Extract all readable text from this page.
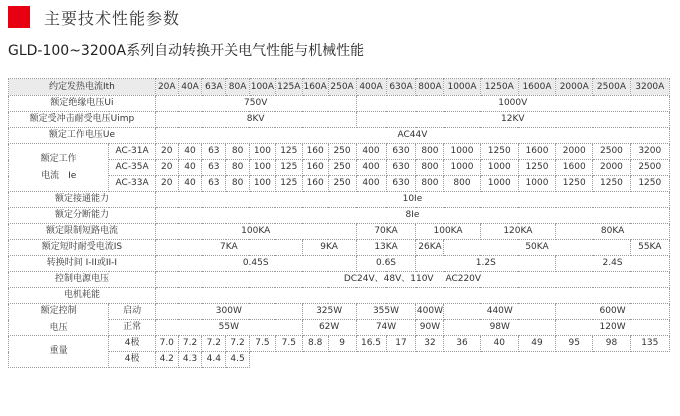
主要技术性能参数
GLD-100~3200A系列自动转换开关电气性能与机械性能
约定发热电流Ith		20A	40A	63A	80A	100A	125A	160A	250A	400A	630A	800A	1000A	1250A	1600A	2000A	2500A	3200A
额定绝缘电压Ui		750V								1000V								
额定受冲击耐受电压Uimp		8KV								12KV								
额定工作电压Ue		AC44V																

额定工作
电流　Ie	AC-31A	20	40	63	80	100	125	160	250	400	630	800	1000	1250	1600	2000	2500	3200
	AC-35A	20	40	63	80	100	125	160	250	400	630	800	1000	1000	1250	1600	2000	2500
	AC-33A	20	40	63	80	100	125	160	250	400	630	800	800	1000	1000	1250	1250	1250
额定接通能力		10Ie																
额定分断能力		8Ie																
额定限制短路电流		100KA								70KA		100KA		120KA		80KA		
额定短时耐受电流IS		7KA						9KA		13KA		26KA	50KA					55KA
转换时间 I-II或II-I		0.45S								0.6S		1.2S				2.4S		
控制电源电压		DC24V、48V、110V　 AC220V																
电机耗能																		

额定控制
电压	启动	300W						325W		355W		400W	440W			600W		
	正常	55W						62W		74W		90W	98W			120W		
重量	4极	7.0	7.2	7.2	7.2	7.5	7.5	8.8	9	16.5	17	32	36	40	49	95	98	135
	4极	4.2	4.3	4.4	4.5													
